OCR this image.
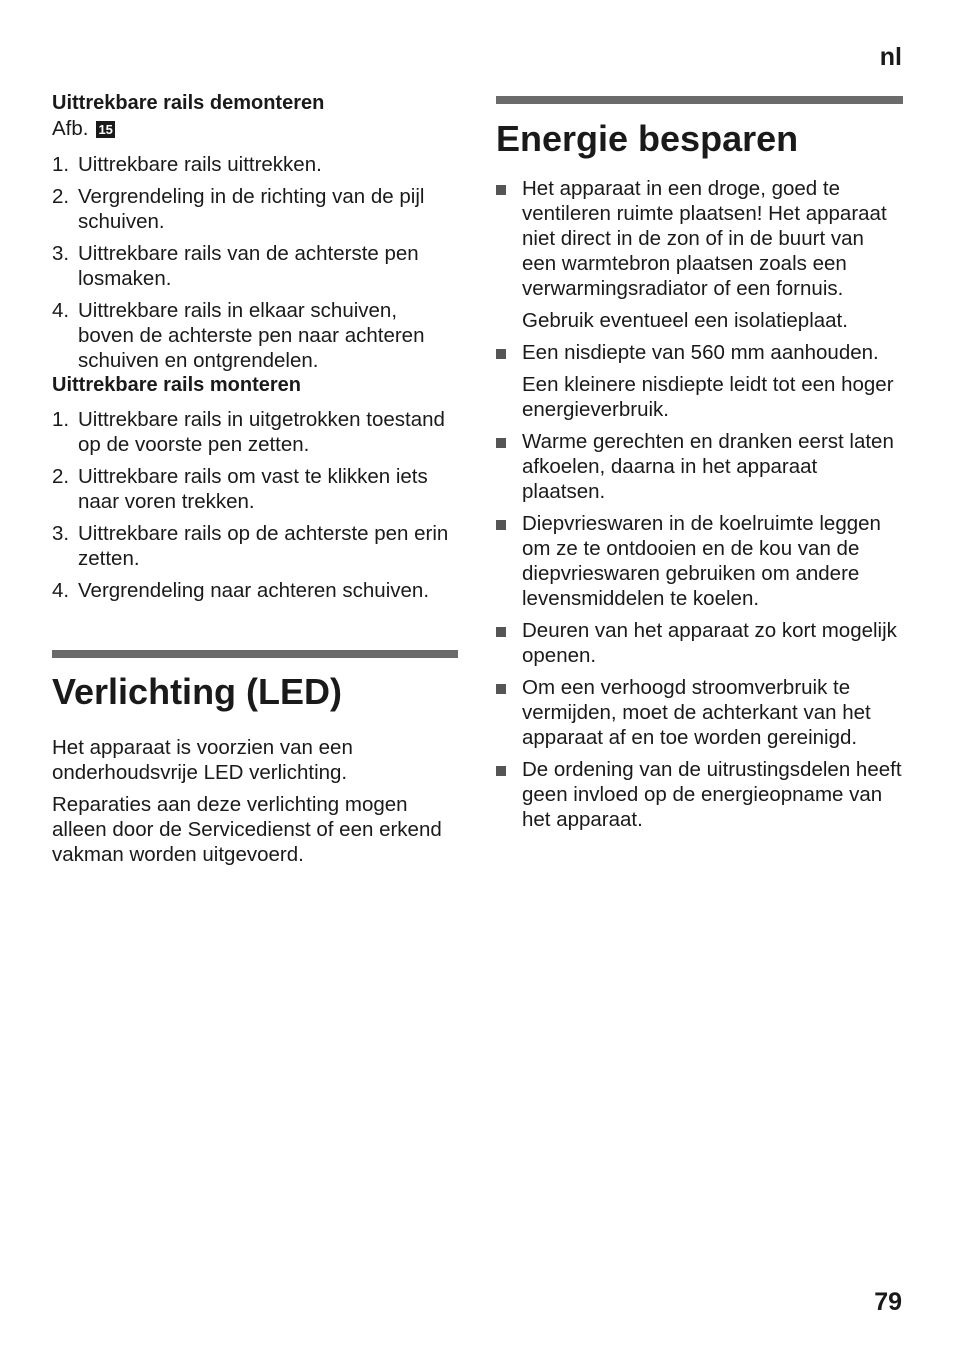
nl
Uittrekbare rails demonteren
Afb. 15
1. Uittrekbare rails uittrekken.
2. Vergrendeling in de richting van de pijl schuiven.
3. Uittrekbare rails van de achterste pen losmaken.
4. Uittrekbare rails in elkaar schuiven, boven de achterste pen naar achteren schuiven en ontgrendelen.
Uittrekbare rails monteren
1. Uittrekbare rails in uitgetrokken toestand op de voorste pen zetten.
2. Uittrekbare rails om vast te klikken iets naar voren trekken.
3. Uittrekbare rails op de achterste pen erin zetten.
4. Vergrendeling naar achteren schuiven.
Verlichting (LED)

Het apparaat is voorzien van een onderhoudsvrije LED verlichting.

Reparaties aan deze verlichting mogen alleen door de Servicedienst of een erkend vakman worden uitgevoerd.

Energie besparen
Het apparaat in een droge, goed te ventileren ruimte plaatsen! Het apparaat niet direct in de zon of in de buurt van een warmtebron plaatsen zoals een verwarmingsradiator of een fornuis.
Gebruik eventueel een isolatieplaat.
Een nisdiepte van 560 mm aanhouden.
Een kleinere nisdiepte leidt tot een hoger energieverbruik.
Warme gerechten en dranken eerst laten afkoelen, daarna in het apparaat plaatsen.
Diepvrieswaren in de koelruimte leggen om ze te ontdooien en de kou van de diepvrieswaren gebruiken om andere levensmiddelen te koelen.
Deuren van het apparaat zo kort mogelijk openen.
Om een verhoogd stroomverbruik te vermijden, moet de achterkant van het apparaat af en toe worden gereinigd.
De ordening van de uitrustingsdelen heeft geen invloed op de energieopname van het apparaat.
79
